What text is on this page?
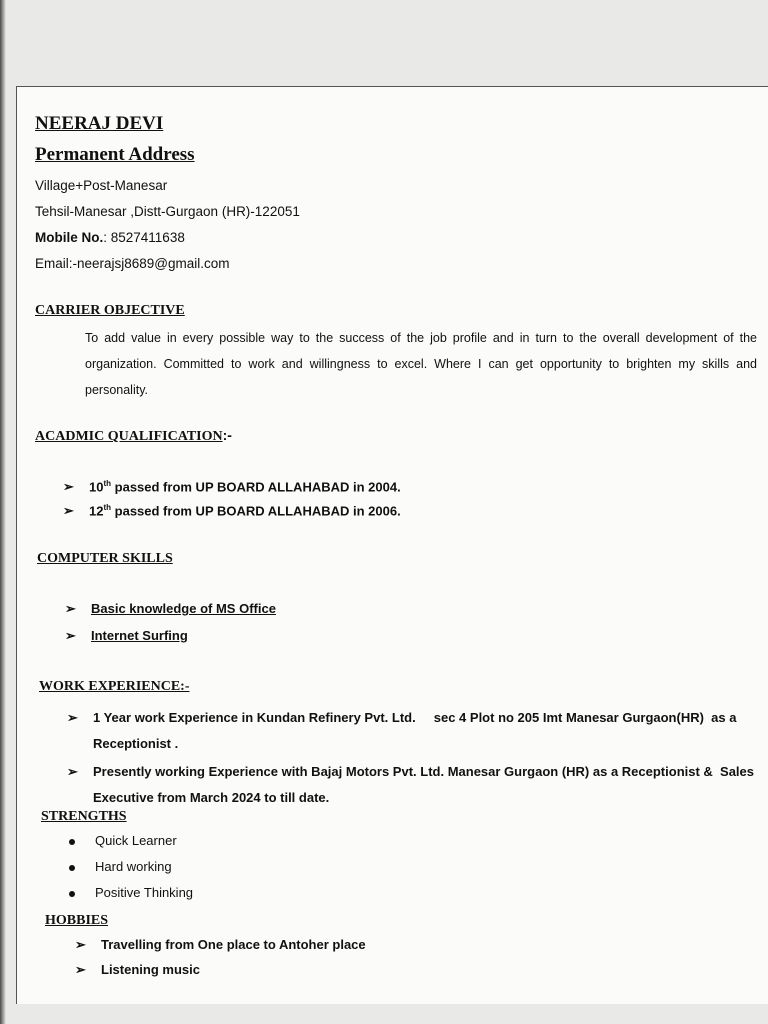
NEERAJ DEVI
Permanent Address
Village+Post-Manesar
Tehsil-Manesar ,Distt-Gurgaon (HR)-122051
Mobile No.: 8527411638
Email:-neerajsj8689@gmail.com
CARRIER OBJECTIVE
To add value in every possible way to the success of the job profile and in turn to the overall development of the organization. Committed to work and willingness to excel. Where I can get opportunity to brighten my skills and personality.
ACADMIC QUALIFICATION:-
➢	10th passed from UP BOARD ALLAHABAD in 2004.
➢	12th passed from UP BOARD ALLAHABAD in 2006.
COMPUTER SKILLS
➢	Basic knowledge of MS Office
➢	Internet Surfing
WORK EXPERIENCE:-
➢	1 Year work Experience in Kundan Refinery Pvt. Ltd.     sec 4 Plot no 205 Imt Manesar Gurgaon(HR)  as a Receptionist .
➢	Presently working Experience with Bajaj Motors Pvt. Ltd. Manesar Gurgaon (HR) as a Receptionist &  Sales Executive from March 2024 to till date.
STRENGTHS
Quick Learner
Hard working
Positive Thinking
HOBBIES
➢	Travelling from One place to Antoher place
➢	Listening music
